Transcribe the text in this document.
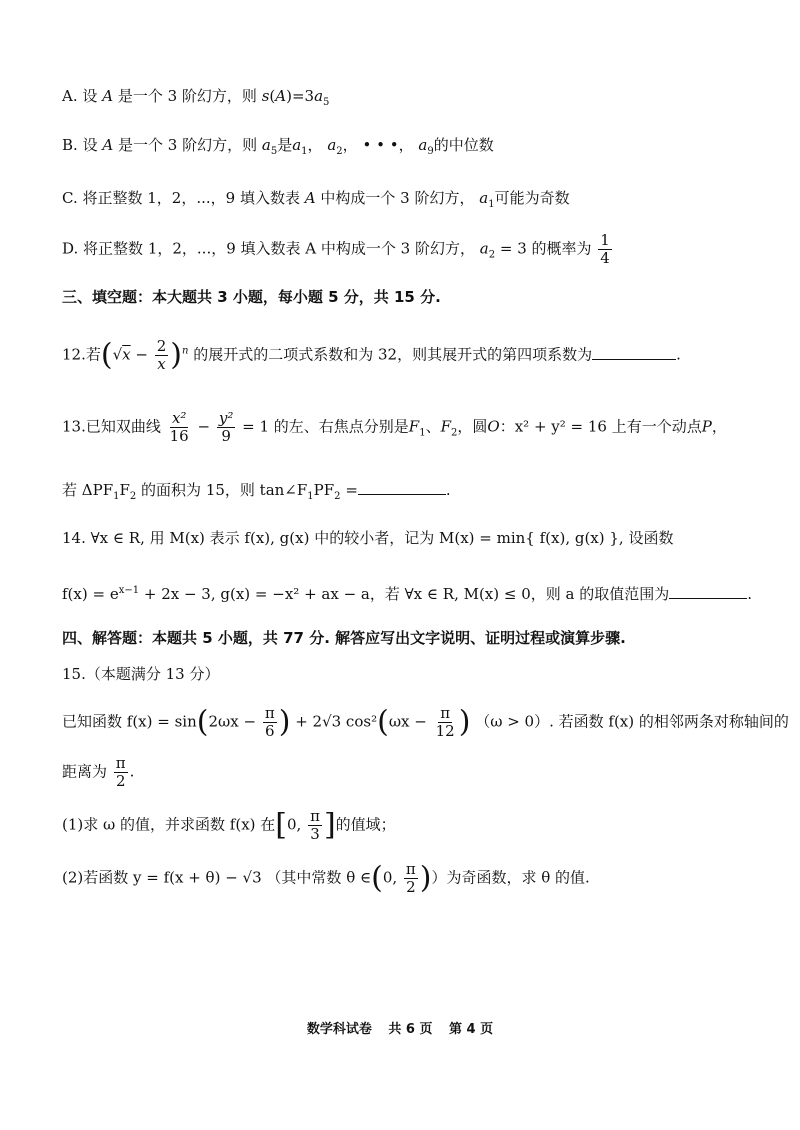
A. 设 A 是一个 3 阶幻方，则 $s(A)=3a_5$
B. 设 A 是一个 3 阶幻方，则 $a_5$是$a_1$， $a_2$， • • •， $a_9$的中位数
C. 将正整数 1，2，...，9 填入数表 A 中构成一个 3 阶幻方， $a_1$可能为奇数
D. 将正整数 1，2，...，9 填入数表 A 中构成一个 3 阶幻方， $a_2 = 3$ 的概率为 $\frac{1}{4}$
三、填空题：本大题共 3 小题，每小题 5 分，共 15 分.
12.若$(√x - \frac{2}{x} )^n$ 的展开式的二项式系数和为 32，则其展开式的第四项系数为	.
13.已知双曲线 $\frac{\text{x²}}{16} - \frac{\text{y²}}{9} = 1$ 的左、右焦点分别是$F_1$、$F_2$，圆O：x² + y² = 16 上有一个动点P，
若 $\Delta PF_1F_2$ 的面积为 15，则 $\tan\angle F_1PF_2$ =	.
14. ∀x ∈ R, 用 M(x) 表示 f(x), g(x) 中的较小者，记为 M(x) = min{ f(x), g(x) }, 设函数
$f(x) = e^{x-1} + 2x - 3$, g(x) = −x² + ax − a，若 ∀x ∈ R, M(x) ≤ 0，则 a 的取值范围为	.
四、解答题：本题共 5 小题，共 77 分. 解答应写出文字说明、证明过程或演算步骤.
15.（本题满分 13 分）
已知函数 $f(x) = \sin(2\omega x - \frac{\pi}{6}$ ) + 2√3 $\cos^2(\omega x - \frac{\pi}{12}$ ) （ω > 0）. 若函数 f(x) 的相邻两条对称轴间的
距离为 $\frac{\pi}{2}$ .
(1)求 ω 的值，并求函数 f(x) 在[0, $\frac{\pi}{3}$ ]的值域；
(2)若函数 y = f(x + θ) − √3 （其中常数 θ ∈(0, $\frac{\pi}{2}$ )）为奇函数，求 θ 的值.
数学科试卷 共 6 页 第 4 页
